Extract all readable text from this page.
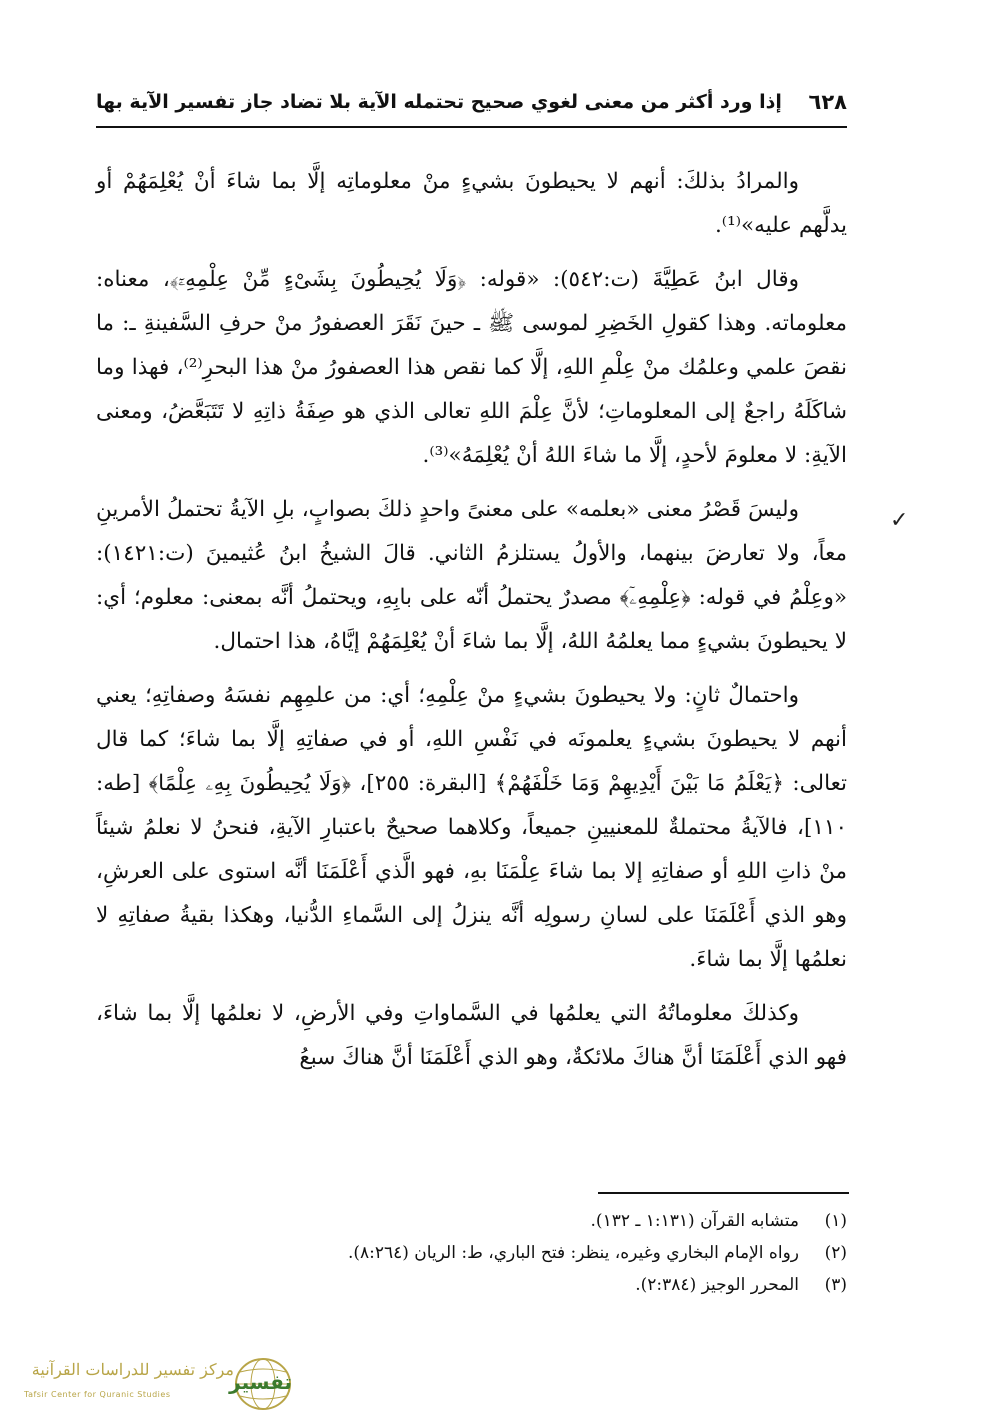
٦٢٨
إذا ورد أكثر من معنى لغوي صحيح تحتمله الآية بلا تضاد جاز تفسير الآية بها

والمرادُ بذلكَ: أنهم لا يحيطونَ بشيءٍ منْ معلوماتِه إلَّا بما شاءَ أنْ يُعْلِمَهُمْ أو يدلَّهم عليه»⁽¹⁾.

وقال ابنُ عَطِيَّةَ (ت:٥٤٢): «قوله: ﴿وَلَا يُحِيطُونَ بِشَىْءٍ مِّنْ عِلْمِهِۦٓ﴾، معناه: معلوماته. وهذا كقولِ الخَضِرِ لموسى ﷺ ـ حينَ نَقَرَ العصفورُ منْ حرفِ السَّفينةِ ـ: ما نقصَ علمي وعلمُك منْ عِلْمِ اللهِ، إلَّا كما نقص هذا العصفورُ منْ هذا البحرِ⁽²⁾، فهذا وما شاكَلَهُ راجعٌ إلى المعلوماتِ؛ لأنَّ عِلْمَ اللهِ تعالى الذي هو صِفَةُ ذاتِهِ لا تَتَبَعَّضُ، ومعنى الآيةِ: لا معلومَ لأحدٍ، إلَّا ما شاءَ اللهُ أنْ يُعْلِمَهُ»⁽³⁾.

وليسَ قَصْرُ معنى «بعلمه» على معنىً واحدٍ ذلكَ بصوابٍ، بلِ الآيةُ تحتملُ الأمرينِ معاً، ولا تعارضَ بينهما، والأولُ يستلزمُ الثاني. قالَ الشيخُ ابنُ عُثيمينَ (ت:١٤٢١): «وعِلْمُ في قوله: ﴿عِلْمِهِۦٓ﴾ مصدرٌ يحتملُ أنّه على بابِهِ، ويحتملُ أنَّه بمعنى: معلوم؛ أي: لا يحيطونَ بشيءٍ مما يعلمُهُ اللهُ، إلَّا بما شاءَ أنْ يُعْلِمَهُمْ إيَّاهُ، هذا احتمال.

واحتمالٌ ثانٍ: ولا يحيطونَ بشيءٍ منْ عِلْمِهِ؛ أي: من علمِهِم نفسَهُ وصفاتِهِ؛ يعني أنهم لا يحيطونَ بشيءٍ يعلمونَه في نَفْسِ اللهِ، أو في صفاتِهِ إلَّا بما شاءَ؛ كما قال تعالى: ﴿يَعْلَمُ مَا بَيْنَ أَيْدِيهِمْ وَمَا خَلْفَهُمْ﴾ [البقرة: ٢٥٥]، ﴿وَلَا يُحِيطُونَ بِهِۦ عِلْمًا﴾ [طه: ١١٠]، فالآيةُ محتملةٌ للمعنيينِ جميعاً، وكلاهما صحيحٌ باعتبارِ الآيةِ، فنحنُ لا نعلمُ شيئاً منْ ذاتِ اللهِ أو صفاتِهِ إلا بما شاءَ عِلْمَنَا بهِ، فهو الَّذي أَعْلَمَنَا أنَّه استوى على العرشِ، وهو الذي أَعْلَمَنَا على لسانِ رسولِه أنَّه ينزلُ إلى السَّماءِ الدُّنيا، وهكذا بقيةُ صفاتِهِ لا نعلمُها إلَّا بما شاءَ.

وكذلكَ معلوماتُهُ التي يعلمُها في السَّماواتِ وفي الأرضِ، لا نعلمُها إلَّا بما شاءَ، فهو الذي أَعْلَمَنَا أنَّ هناكَ ملائكةٌ، وهو الذي أَعْلَمَنَا أنَّ هناكَ سبعُ

✓
(١)
متشابه القرآن (١:١٣١ ـ ١٣٢).
(٢)
رواه الإمام البخاري وغيره، ينظر: فتح الباري، ط: الريان (٨:٢٦٤).
(٣)
المحرر الوجيز (٢:٣٨٤).
مركز تفسير للدراسات القرآنية
Tafsir Center for Quranic Studies
تفسير
